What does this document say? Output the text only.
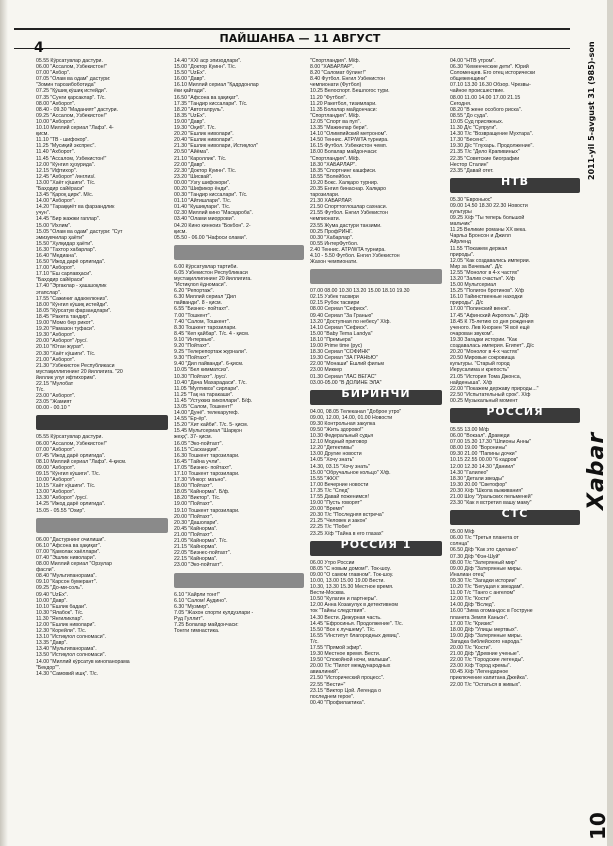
4
ПАЙШАНБА — 11 АВГУСТ
05.55 Кўрсатувлар дастури.
06.00 "Ассалом, Ўзбекистон!"
07.00 "Ахбор".
07.05 "Олам ва одам" дастури:
"Зомин тарозибоботида"
07.25 "Қўшиқ кўшиқ истейди".
07.35 "Сунги қарсаклар". Т/с.
08.00 "Ахборот".
08.40 - 09.30 "Маданият" дастури.
09.25 "Ассалом, Ўзбекистон!"
10.00 "Ахборот".
10.10 Миллий сериал "Лафз". 4-
қисм.
11.10 "ТВ - шифокор".
11.25 "Мусиқий экспрес".
11.40 "Ахборот".
11.45 "Ассалом, Ўзбекистон!"
12.00 "Кўнгил ҳузурида".
12.15 "Ифтихор".
12.45 "Ахборот" /инглиз/.
13.00 "Хаёт кўшиги". Т/с.
"Баҳодир сайёраси"
13.45 "Қароқ цирк". М/с.
14.00 "Ахборот".
14.20 "Тараққиёт ва фарзандлик
учун".
14.45 "Бир жажжи гаплар".
15.00 "Ихлим".
15.05 "Олам ва одам" дастури: "Сут
эмизувчилар ҳаёти"
15.50 "Хулқидар ҳаёти".
16.30 "Тахтор хабарлар".
16.40 "Медиана".
16.50 "Ижод дарё орлигида".
17.00 "Ахборот".
17.10 "Ёш сарлавҳаси".
"Баҳодир сайёраси"
17.40 "Эргаклар - ҳашшоқлик
этапслар".
17.55 "Сажиниг адаюелюниз".
18.00 "Кўнгил кўшиқ истейди".
18.05 "Кўрсатув фарзандлари".
18.45 "Ракета тандир".
19.00 "Момо бер рикот".
19.20 "Рамазон туфаси".
19.30 "Ахборот".
20.00 "Ахборот" /рус/.
20.10 "Ютан журат".
20.30 "Хаёт кўшиги". Т/с.
21.00 "Ахборот".
21.30 "Ўзбекистон Республикаси
мустақиллигининг 20 йиллигига. "20
йиллик улуғ ифтихорим".
22.15 "Мулобат
Т/с.
23.00 "Ахборот".
23.05 "Жамият
00.00 - 00.10 "
05.55 Кўрсатувлар дастури.
06.00 "Ассалом, Ўзбекистон!"
07.00 "Ахборот".
07.45 "Ижод дарё орлигида".
08.10 Миллий сериал "Лафз". 4-қисм.
09.00 "Ахборот".
09.15 "Кўнгил кўшиги". Т/с.
10.00 "Ахборот".
10.15 "Хаёт кўшиги". Т/с.
13.00 "Ахборот".
13.30 "Ахборот" /рус/.
14.25 "Ижод дарё орлигида".
15.05 - 05.55 "Охир".
06.00 "Дастурнинг очилиши".
06.10 "Афсона ва ҳақиқат".
07.00 "Қамолак хаёллари".
07.40 "Эшлик ниволари".
08.00 Миллий сериал "Орзулар
фасли".
08.40 "Мультипанорама".
09.10 "Карсон бумерант".
09.25 "До-ми-соль".
09.40 "UzEx".
10.00 "Давр".
10.10 "Ёшлик бадаи".
10.30 "Ялабок". Т/с.
11.30 "Янгиликлар".
12.00 "Ёшлик ниволари".
12.30 "Корейли". Т/с.
13.10 "Истиқлол солномаси".
13.35 "Давр".
13.40 "Мультипанорама".
13.50 "Истиқлол солномаси".
14.00 "Миллий кўрсатув кинопанорама
"Бекдор"".
14.30 "Самовий ишқ". Т/с.
14.40 "XXI аср эпизодлари".
15.00 "Доктор Куинн". Т/с.
15.50 "UzEx".
16.00 "Давр".
16.10 Миллий сериал "Қадрдонлар
ёки қайтади".
16.50 "Афсона ва ҳақиқат".
17.35 "Тандир киссалари". Т/с.
18.20 "Автоталруль".
18.35 "UzEx".
19.00 "Давр".
19.30 "Оқиб". Т/с.
20.20 "Ёшлик ниволари".
20.40 "Ёшлик ниволари".
21.30 "Ёшлик ниволари, Истиқлол"
20.50 "Айёма".
21.10 "Кароллик". Т/с.
22.00 "Давр".
22.30 "Доктор Куинн". Т/с.
23.20 "Шисвай".
00.00 "Ўзгу шифокори".
00.20 "Шификор ёнди".
00.30 "Тандир киссалари". Т/с.
01.10 "Айтишлари". Т/с.
01.40 "Кушиқлари". Т/с.
02.30 Миллий кино "Масқароба".
03.40 "Олами миоррови".
04.20 Кино кинноиз "Бокбон". 2-
қисм.
05.50 - 06.00 "Нафоси олами".
6.00 Кўрсатувлар тартиби.
6.05 Ўзбекистон Республикаси
мустақиллигининг 20 йиллигига.
"Истиқлол ёдномаси".
6.20 "Репортаж".
6.30 Миллий сериал "Дил
пайванди". 8 - қисм.
6.55 "Бизнес- пойтахт".
7.00 "Тошкент".
7.40 "Салом, Тошкент".
8.30 Тошкент тарозилари.
8.45 "Кеп қайбар". Т/с. 4 - қисм.
9.10 "Интервью".
9.20 "Пойтахт".
9.25 "Телерепортаж журнали".
9.30 "Пойтахт".
9.40 "Дил пайванди". 6-қисм.
10.05 "Бел кимматсиз".
10.30 "Пойтахт". /рус/.
10.40 "Дача Махарадаси". Т/с.
11.05 "Мултивоз" сирлари".
11.25 "Тақ на таракаши".
11.45 "Устуккиз хикоялари". Б/ф.
13.05 "Салом, Тошкент!"
14.00 "Дунё". телекаругеф.
14.55 "Ёр-ёр".
15.20 "Хит кайби". Т/с. 5- қисм.
15.45 Мультсериал "Шарқон
жеҳҳ". 37- қисм.
16.05 "Эко-пойтахт".
16.15 "Саскандия".
16.30 Тошкент тарозилари.
16.45 "Тайна учли".
17.05 "Бизнес- пойтахт".
17.10 Тошкент тарозилари.
17.30 "Инкор: маъно".
18.00 "Пойтахт".
18.05 "Кайнорма". Б/ф.
18.20 "Виктор". Т/с.
19.00 "Пойтахт".
19.10 Тошкент тарозилари.
20.00 "Пойтахт".
20.30 "Дашолари".
20.45 "Кайнорма".
21.00 "Пойтахт".
21.05 "Кайнорма". Т/с.
21.15 "Кайнорма".
22.05 "Бизнес-пойтахт".
22.15 "Кайнорма".
23.00 "Эко-пойтахт".
6.10 "Хайрли тонг!"
6.10 "Салом! Аудино".
6.30 "Музмир".
7.05 "Жахон спорти кулдузлари -
Руд Гуллит".
7.25 Болалар майдончаси:
Тонгги гимнастика.
"Спортландия". М/ф.
8.00 "ХАБАРЛАР".
8.20 "Саломат бўлинг!"
8.40 Футбол. Енгил Ўзбекистон
чемпионати (Футбол)
10.25 Велоспорт. Бешлогос тури.
11.20 "Футбол".
11.20 Ракетбол, тизимлари.
11.35 Болалар майдончаси:
"Спортландия". М/ф.
12.05 "Спорт ва пул".
13.35 "Мажинлар бери".
14.10 "Олимпийский метроном".
14.50 Теннис. ATP/WTA турнира.
16.15 Футбол. Ўзбекистон чемп.
18.00 Болалар майдончаси:
"Спортландия". М/ф.
18.30 "ХАБАРЛАР".
18.35 "Спортнинг кашфиси.
18.55 "Волейбол.
19.20 Бокс. Халқаро турнир.
20.35 Енгил бинаснар. Халқаро
тарозилари.
21.30 ХАБАРЛАР.
21.50 Спорттоглошлар сахнаси.
21.55 Футбол. Енгил Ўзбекистон
чемпионати.
23.55 Жума дастури танзими.
00.25 ПрофРИНГ.
00.30 "Хабарлар".
00.55 ИнтерФутбол.
2.40 Теннис. ATP/WTA турнира.
4.10 - 5.50 Футбол. Енгил Ўзбекистон
Жахон чемпионати.
07.00 08.00 10.30 13.20 15.00 18.10 19.30
02.15 Ўзбек тасвири
02.15 Рубок тасвири
08.00 Сериал "Сефиск".
09.40 Сериал "За Гранью"
13.20 "Доступная по небесу" Х/ф.
14.10 Сериал "Сефиск".
15.00 "Baby Tema Landya"
18.10 "Премьера"
19.00 Prime time (рус)
18.30 Сериал "СОФИНК"
19.30 Сериал "ЗА ГРАНЬЮ"
22.00 "Монаши" Ёшлий фильм
23.00 Миккер
01.30 Сериал "ЛАС ВЕГАС"
03.00-05.00 "В ДОЛИНЕ ЭЛА"
БИРИНЧИ
04.00, 08.05 Телеканал "Доброе утро"
09.00, 12.00, 14.00, 01.00 Новости
09.30 Контрольная закупка
09.50 "Жить здорово!"
10.30 Федеральный судья
12.10 Модный приговор
12.20 "Детективы"
13.00 Другие новости
14.05 "Хочу знать"
14.30, 03.15 "Хочу знать"
15.00 "Обручальное кольцо" Х/ф.
15.55 "ЖКХ"
17.00 Вечерние новости
17.35 Т/с "След"
17.55 Давай поженимся!
19.00 "Пусть говорят"
20.00 "Время"
20.30 Т/с "Последняя встреча"
21.25 "Человек и закон"
22.25 Т/с "Побег"
23.25 Х/ф "Тайна в его глазах"
РОССИЯ 1
06.00 Утро России
08.05 "С новым домом!". Ток-шоу.
09.00 "О самом главном". Ток-шоу.
10.00, 13.00 15.00 19.00 Вести.
10.30, 13.30 15.30 Местное время.
Вести-Москва.
10.50 "Кулагин и партнеры".
12.00 Анна Козакулук в детективном
ток "Тайны следствия".
14.30 Вести. Дежурная часть.
14.45 "Ефросинья. Продолжение". Т/с.
15.50 "Все к лучшему". Т/с.
16.55 "Институт благородных девиц".
Т/с.
17.55 "Прямой эфир".
19.30 Местное время. Вести.
19.50 "Спокойной ночи, малыши".
20.00 Т/с "Пилот международных
авиалиний".
21.50 "Исторический процесс".
22.55 "Вести+"
23.15 "Виктор Цой. Легенда о
последнем герое".
00.40 "Профилактика".
04.00 "НТВ утром".
06.30 "Кеменческие дети". Юрий
Соломенцев. Его отец исторически
общеженщини"
07.10 13.30 16.30 Обзор. Чрезвы-
чайное происшествие.
08.00 11.00 14.00 17.00 21.15
Сегодня.
08.20 "В жене особого риска".
08.55 "До суда".
10.05 Суд присяжных.
11.30 Д/с "Супруги".
14.30 Т/с "Возвращение Мухтара".
17.30 "Бесенс".
19.30 Д/с "Глухарь. Продолжение".
21.35 Т/с "Дело Крапивиных"
22.35 "Советские биографии
Нестор Сталин"
23.35 "Давай отет.
НТВ
05.30 "Евроньюс"
09.00 14.50 18.30 22.30 Новости
культуры
09.25 Х/ф "Ты теперь большой
мальчик"
11.25 Великие романы XX века.
Чарльз Бронсон и Джилл
Айрленд
11.55 "Покажем держал
природы".
12.05 "Как создавались империи.
Мир за Вачевым". Д/с
12.55 "Монолог в 4-х частях"
13.20 "Залив счастья". Х/ф
15.00 Мультсериал
15.25 "Полигон бротинов". Х/ф
16.10 Тайинственные находки
природы". Д/с
17.00 "Полинский венок".
17.45 "Афинский Акрополь". Д/ф
18.45 К 75-летию со дня рождения
ученого. Лев Кнорзен "Я всё ещё
очарован звуком".
19.30 Загадки истории. "Как
создавалась империя. Египет". Д/с
20.20 "Монолог в 4-х частях"
20.50 Мировые сокровища
культуры. "Старый город
Иерусалима и крепость"
21.05 "История Тома Джонса,
найденыша". Х/ф
22.00 "Покажем державу природы..."
22.50 "Испытательный срок". Х/ф
00.25 Музыкальный момент
РОССИЯ
05.55 13.00 М/ф
06.00 "Вокзал". Драмеди
07.00 15.30 17.30 "Шпионы Анны"
08.00 19.00 "Воронины"
09.30 21.00 "Папины дочки"
10.15 22.55 00.00 "6 кадров"
12.00 12.30 14.30 "Даниил"
14.30 "Галилео"
18.30 "Детали звезды"
19.30 20.00 "Светофор"
20.30 Х/ф "Школа выживания"
21.00 Шоу "Уральских пельменей"
23.30 "Как я встретил вашу маму"
СТС
05.00 М/ф
06.00 Т/с "Третья планета от
солнца"
06.50 Д/ф "Как это сделано"
07.30 Д/ф "Фэн-Шуй"
08.00 Т/с "Затерянный мир"
09.00 Д/ф "Затерянные миры.
Иналиан отец"
09.30 Т/с "Загадки истории"
10.20 Т/с "Бегущая к звездам".
11.00 Т/с "Танго с ангелом"
12.00 Т/с "Кости"
14.00 Д/ф "Вслед".
16.00 "Зима огомандос в Гоструне
планета Земля Каньон".
17.00 Т/с "Кризис"
18.00 Д/ф "Улицы мертвых".
19.00 Д/ф "Затерянные миры.
Загадка библейского народа."
20.00 Т/с "Кости".
21.00 Д/ф "Древние ученые".
22.00 Т/с "Городские легенды".
23.00 Х/ф "Город кремы".
00.45 Х/ф "Легендарное
приключение капитана Джейка".
22.00 Т/с "Остаться в живых".
2011-yil 5-avgust 31 (985)-son
Xabar
10
